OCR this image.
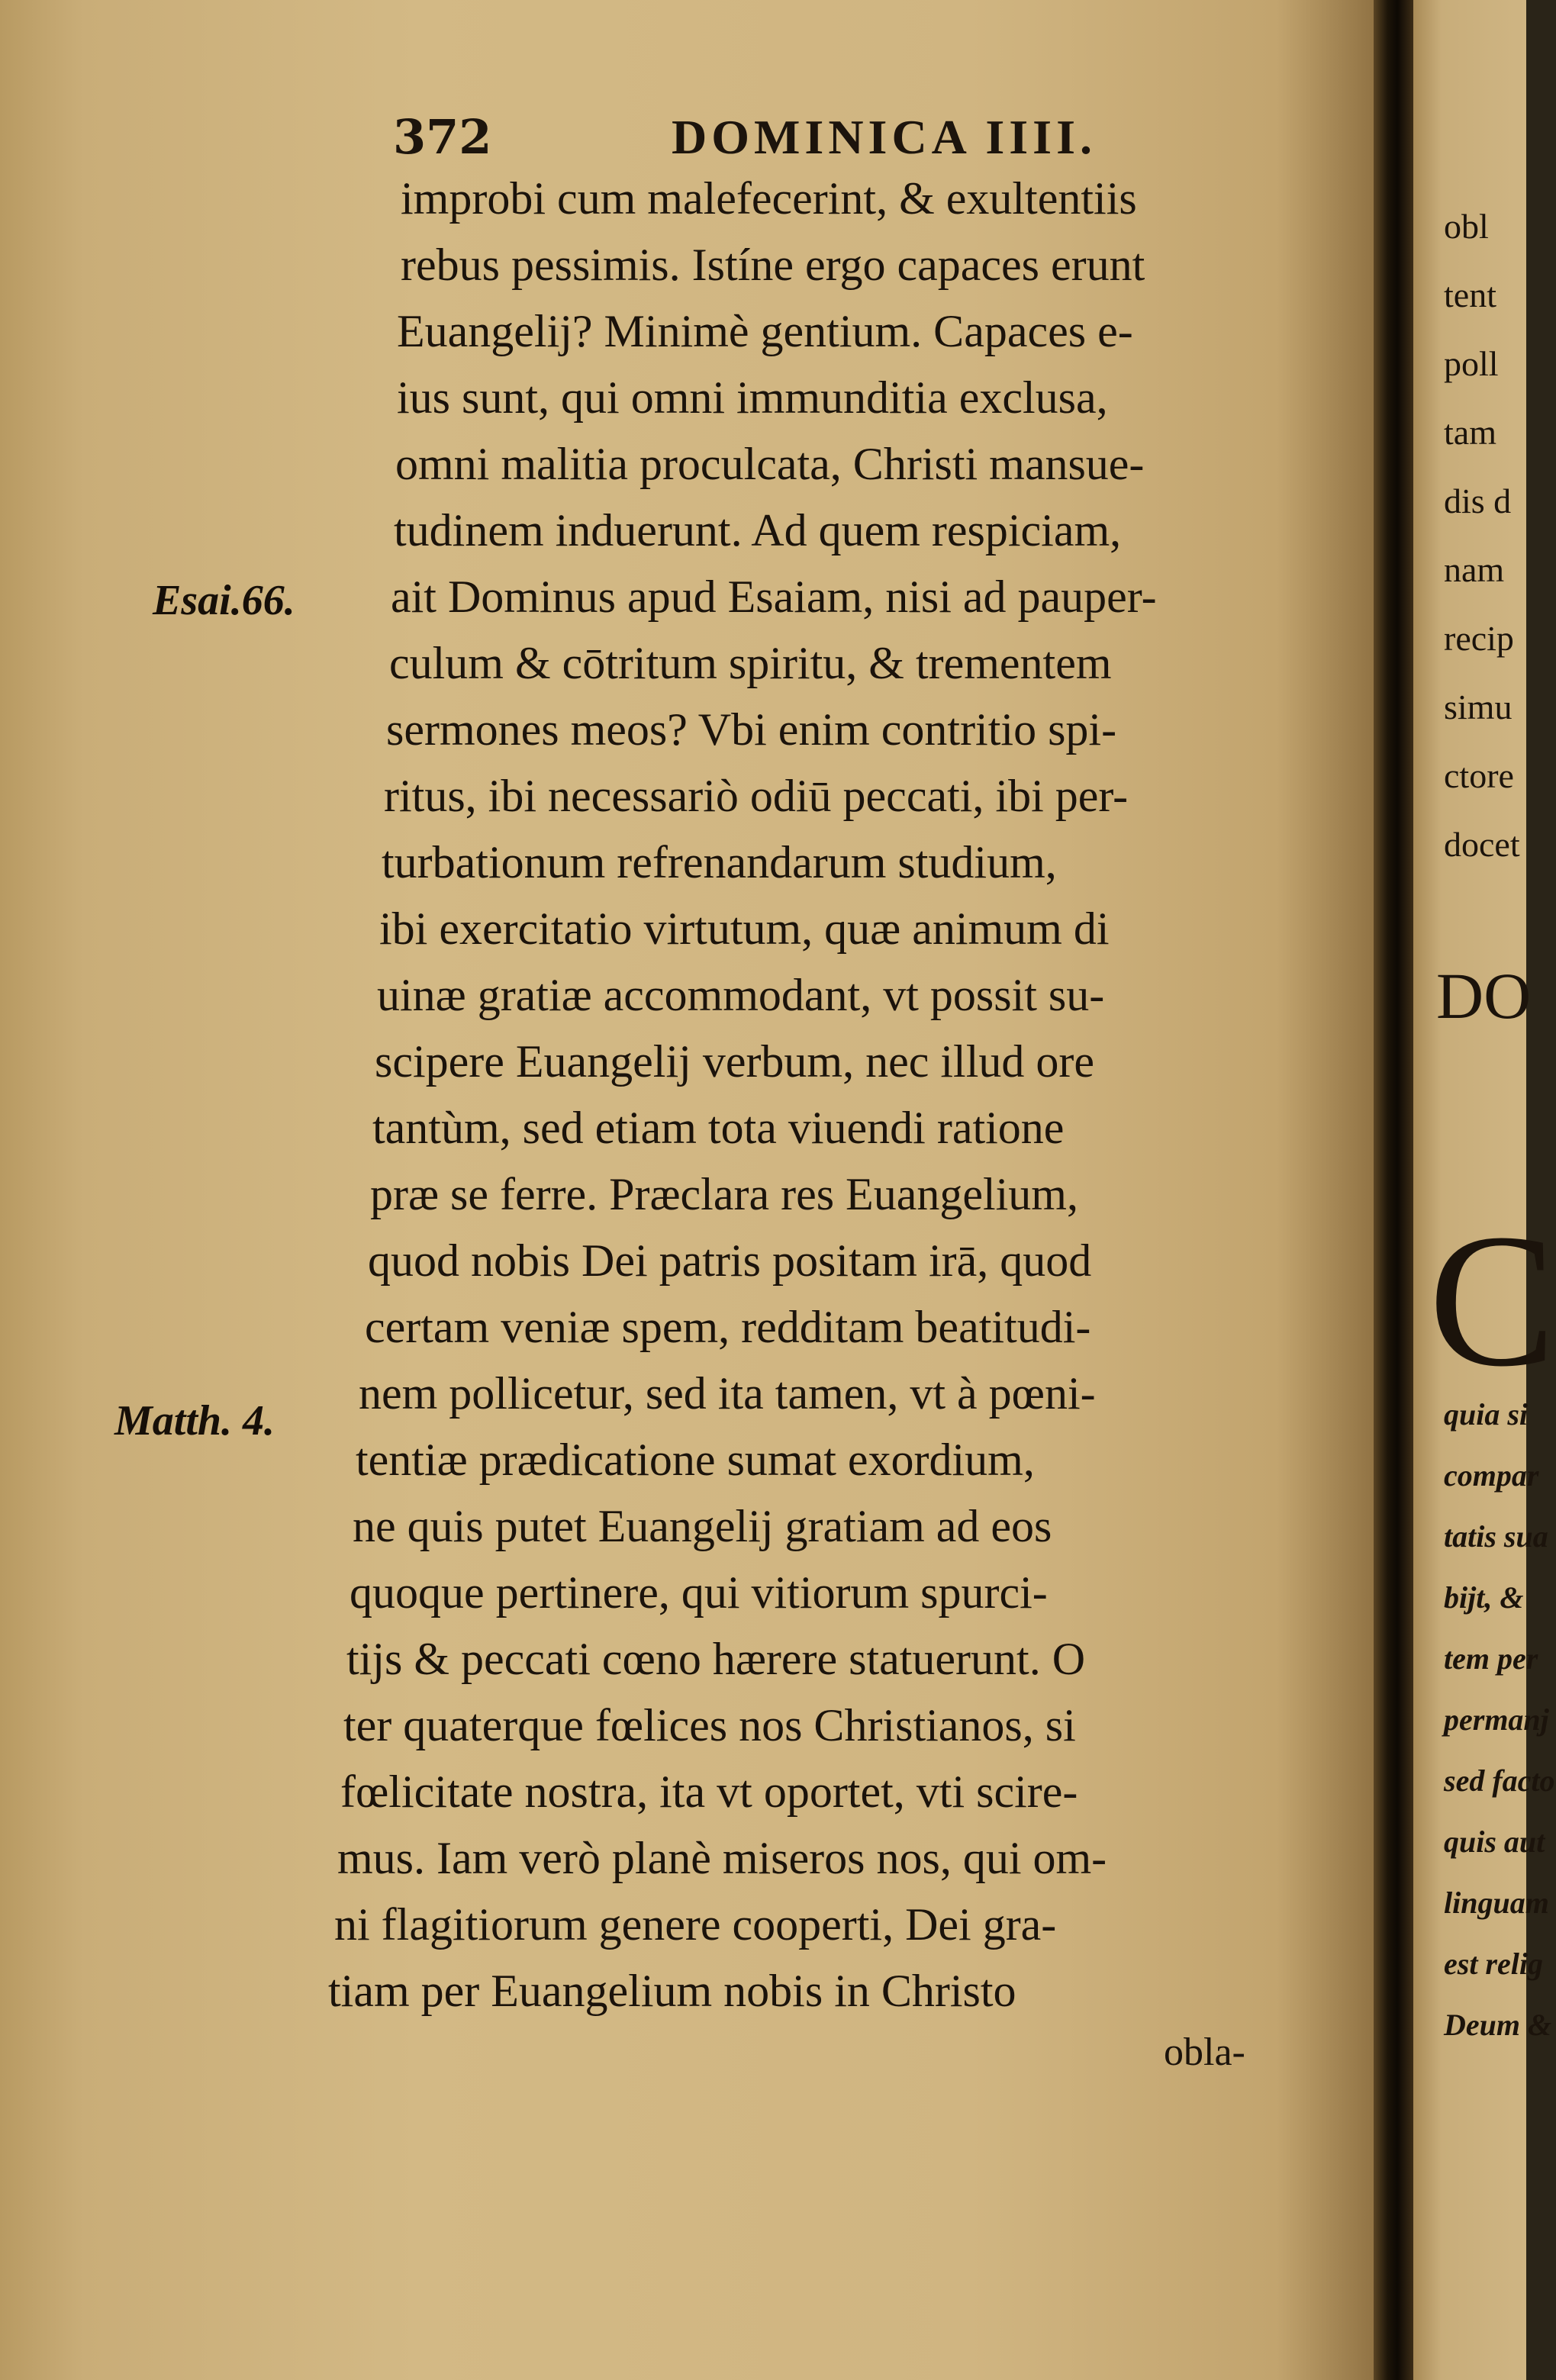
372	DOMINICA IIII.
Esai.66.
Matth. 4.
improbi cum malefecerint, & exultentiis
rebus pessimis. Istíne ergo capaces erunt
Euangelij? Minimè gentium. Capaces e-
ius sunt, qui omni immunditia exclusa,
omni malitia proculcata, Christi mansue-
tudinem induerunt. Ad quem respiciam,
ait Dominus apud Esaiam, nisi ad pauper-
culum & cōtritum spiritu, & trementem
sermones meos? Vbi enim contritio spi-
ritus, ibi necessariò odiū peccati, ibi per-
turbationum refrenandarum studium,
ibi exercitatio virtutum, quæ animum di
uinæ gratiæ accommodant, vt possit su-
scipere Euangelij verbum, nec illud ore
tantùm, sed etiam tota viuendi ratione
præ se ferre. Præclara res Euangelium,
quod nobis Dei patris positam irā, quod
certam veniæ spem, redditam beatitudi-
nem pollicetur, sed ita tamen, vt à pœni-
tentiæ prædicatione sumat exordium,
ne quis putet Euangelij gratiam ad eos
quoque pertinere, qui vitiorum spurci-
tijs & peccati cœno hærere statuerunt. O
ter quaterque fœlices nos Christianos, si
fœlicitate nostra, ita vt oportet, vti scire-
mus. Iam verò planè miseros nos, qui om-
ni flagitiorum genere cooperti, Dei gra-
tiam per Euangelium nobis in Christo
obla-
obl
tent
poll
tam
dis d
nam
recip
simu
ctore
docet
DO
C
quia si
compar
tatis sua
bijt, &
tem per
permanj
sed facto
quis aut
linguam
est relig
Deum &
